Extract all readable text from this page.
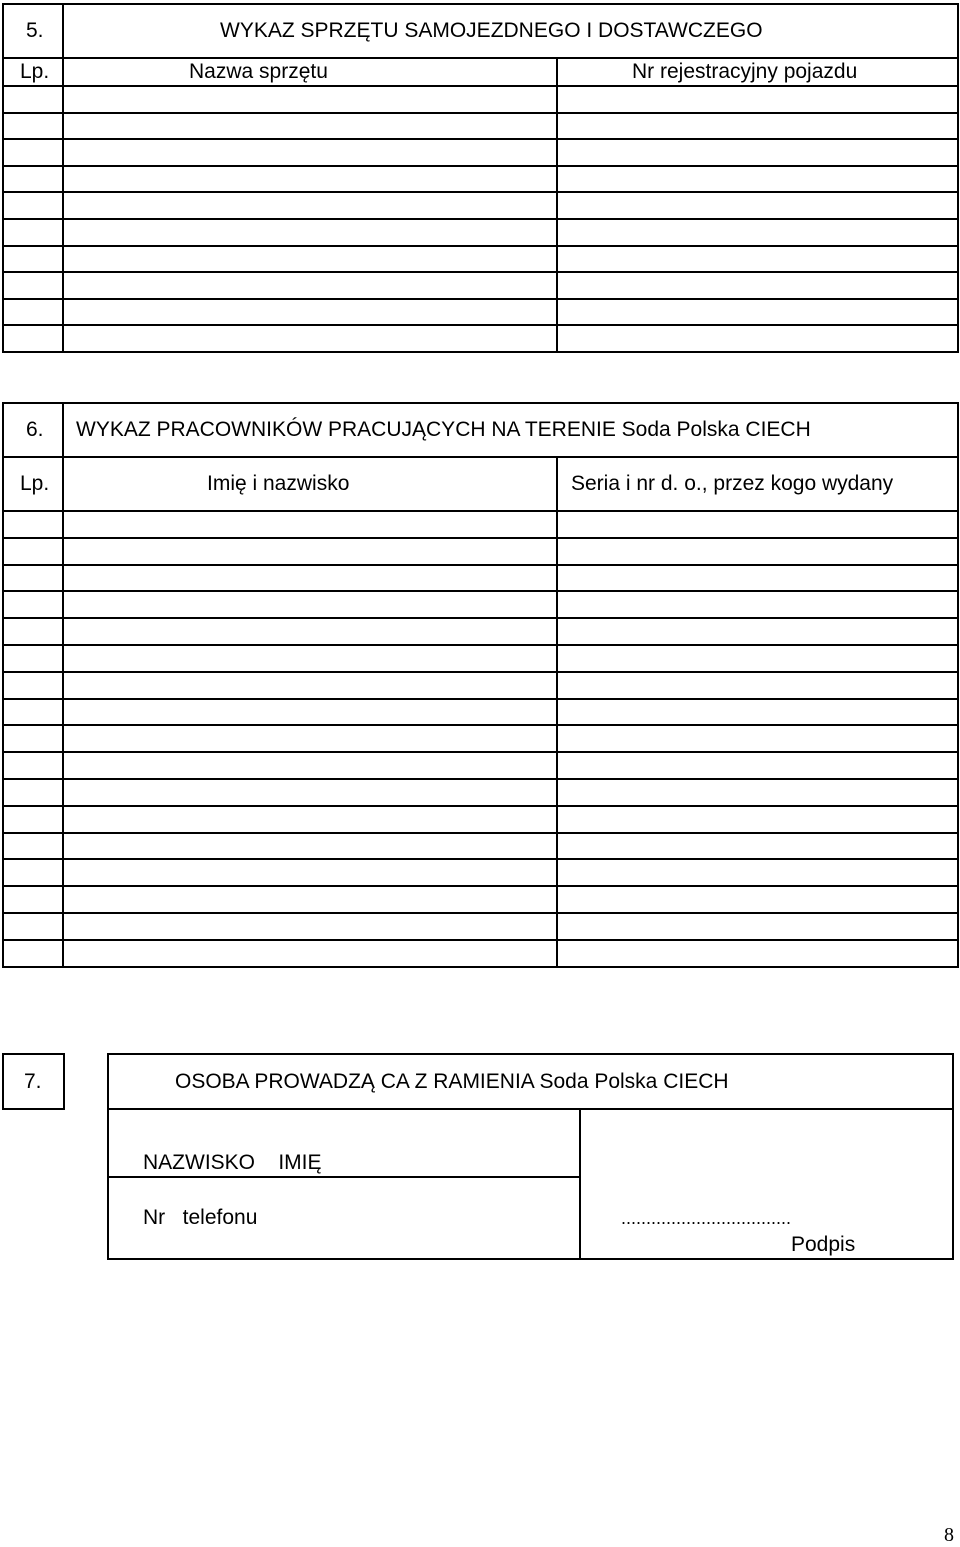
5.	WYKAZ SPRZĘTU SAMOJEZDNEGO I DOSTAWCZEGO	
Lp.	Nazwa sprzętu	Nr rejestracyjny pojazdu

6.	WYKAZ PRACOWNIKÓW PRACUJĄCYCH NA TERENIE Soda Polska CIECH	
Lp.	Imię i nazwisko	Seria i nr d. o., przez kogo wydany

7.	OSOBA PROWADZĄ CA Z RAMIENIA Soda Polska CIECH
NAZWISKO    IMIĘ
Nr   telefonu	..................................
Podpis
8
